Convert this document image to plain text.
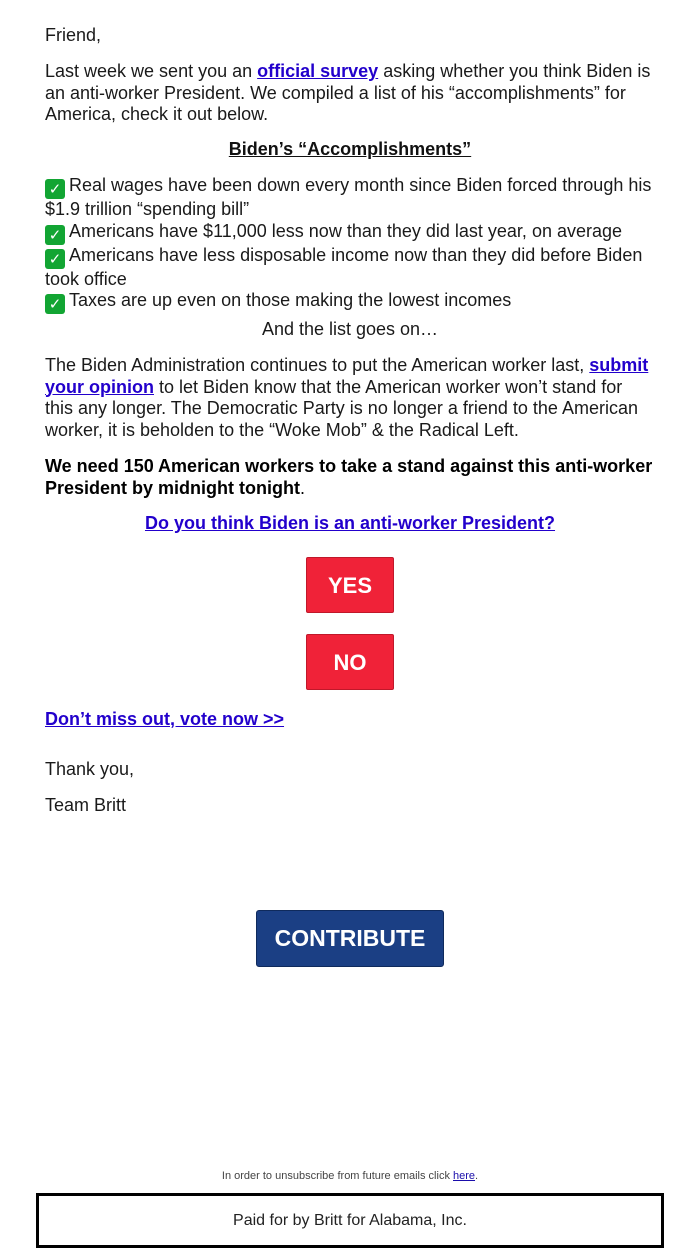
Friend,

Last week we sent you an official survey asking whether you think Biden is an anti-worker President. We compiled a list of his “accomplishments” for America, check it out below.

Biden’s “Accomplishments”

✓ Real wages have been down every month since Biden forced through his $1.9 trillion “spending bill”

✓ Americans have $11,000 less now than they did last year, on average

✓ Americans have less disposable income now than they did before Biden took office

✓ Taxes are up even on those making the lowest incomes

And the list goes on…

The Biden Administration continues to put the American worker last, submit your opinion to let Biden know that the American worker won’t stand for this any longer. The Democratic Party is no longer a friend to the American worker, it is beholden to the “Woke Mob” & the Radical Left.

We need 150 American workers to take a stand against this anti-worker President by midnight tonight.

Do you think Biden is an anti-worker President?

YES
NO

Don’t miss out, vote now >>

Thank you,

Team Britt

CONTRIBUTE
In order to unsubscribe from future emails click here.
Paid for by Britt for Alabama, Inc.
